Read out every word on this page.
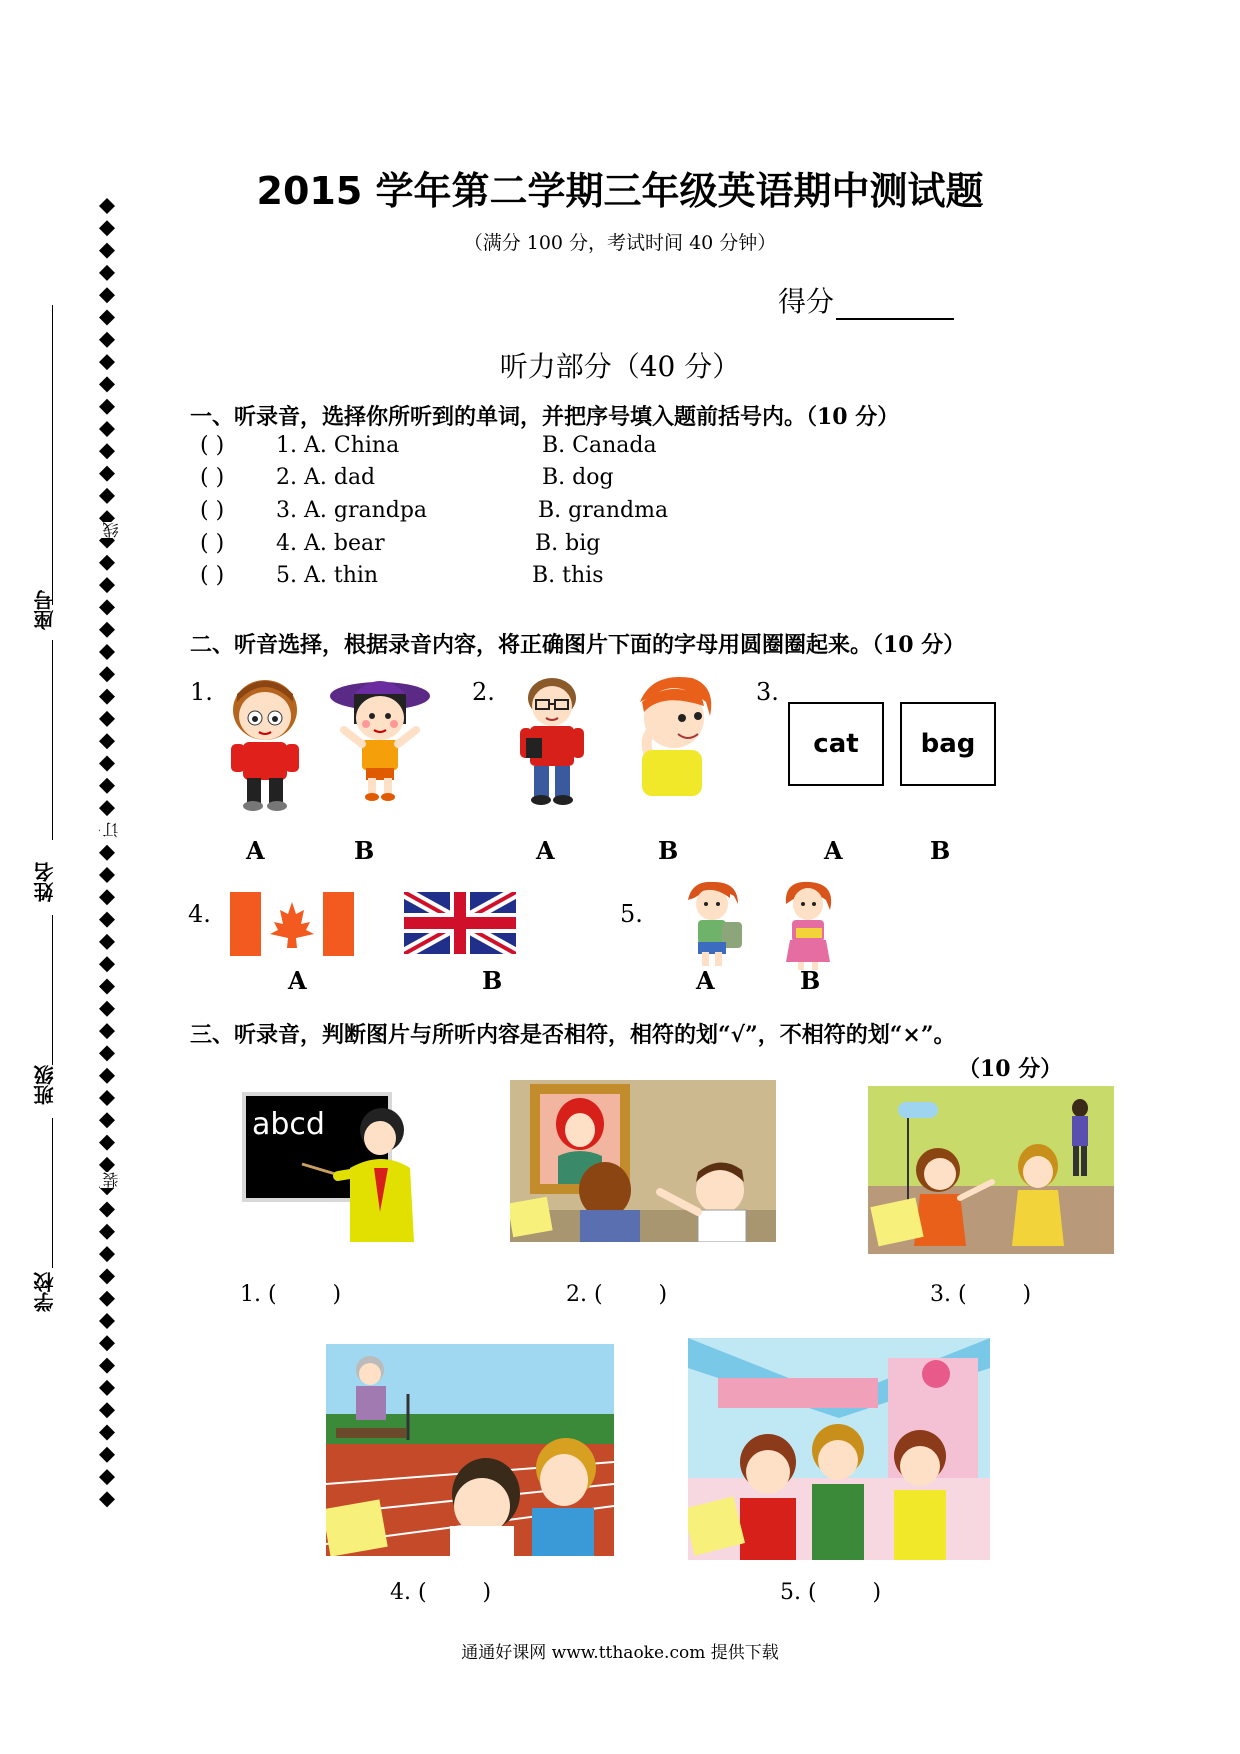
座号
姓名
班级
学校
线
订
装
2015 学年第二学期三年级英语期中测试题
（满分 100 分，考试时间 40 分钟）
得分
听力部分（40 分）
一、听录音，选择你所听到的单词，并把序号填入题前括号内。（10 分）
( ) 1. A. China	B. Canada
( ) 2. A. dad	B. dog
( ) 3. A. grandpa	B. grandma
( ) 4. A. bear	B. big
( ) 5. A. thin	B. this
二、听音选择，根据录音内容，将正确图片下面的字母用圆圈圈起来。（10 分）
1.	2.	3.
cat	bag
A	B	A	B	A	B
4.	5.
A	B	A	B
三、听录音，判断图片与所听内容是否相符，相符的划“√”，不相符的划“×”。
（10 分）
abcd
1. (        )	2. (        )	3. (        )
4. (        )	5. (        )
通通好课网 www.tthaoke.com 提供下载
